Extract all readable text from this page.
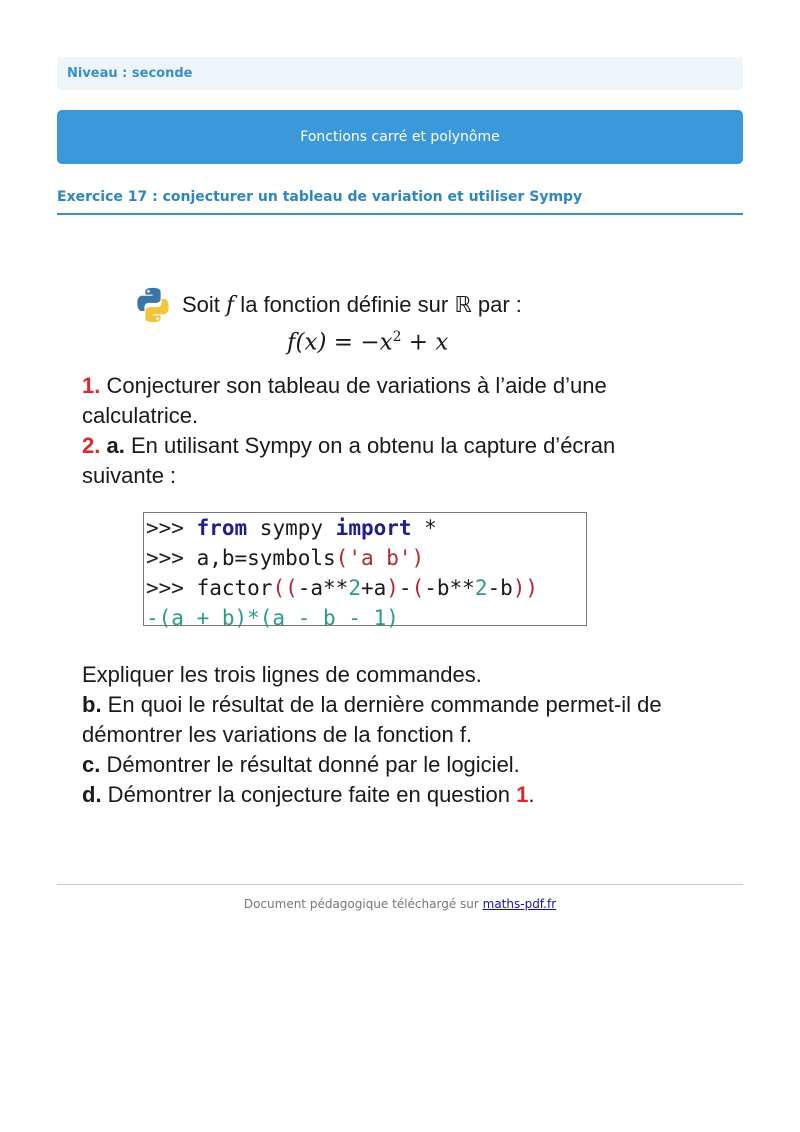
Niveau : seconde
Fonctions carré et polynôme
Exercice 17 : conjecturer un tableau de variation et utiliser Sympy
Soit f la fonction définie sur ℝ par :
$f(x) = -x^2 + x$
1. Conjecturer son tableau de variations à l’aide d’une calculatrice.
2. a. En utilisant Sympy on a obtenu la capture d’écran suivante :
>>> from sympy import *
>>> a,b=symbols('a b')
>>> factor((-a**2+a)-(-b**2-b))
-(a + b)*(a - b - 1)
Expliquer les trois lignes de commandes.
b. En quoi le résultat de la dernière commande permet-il de démontrer les variations de la fonction f.
c. Démontrer le résultat donné par le logiciel.
d. Démontrer la conjecture faite en question 1.
Document pédagogique téléchargé sur maths-pdf.fr
